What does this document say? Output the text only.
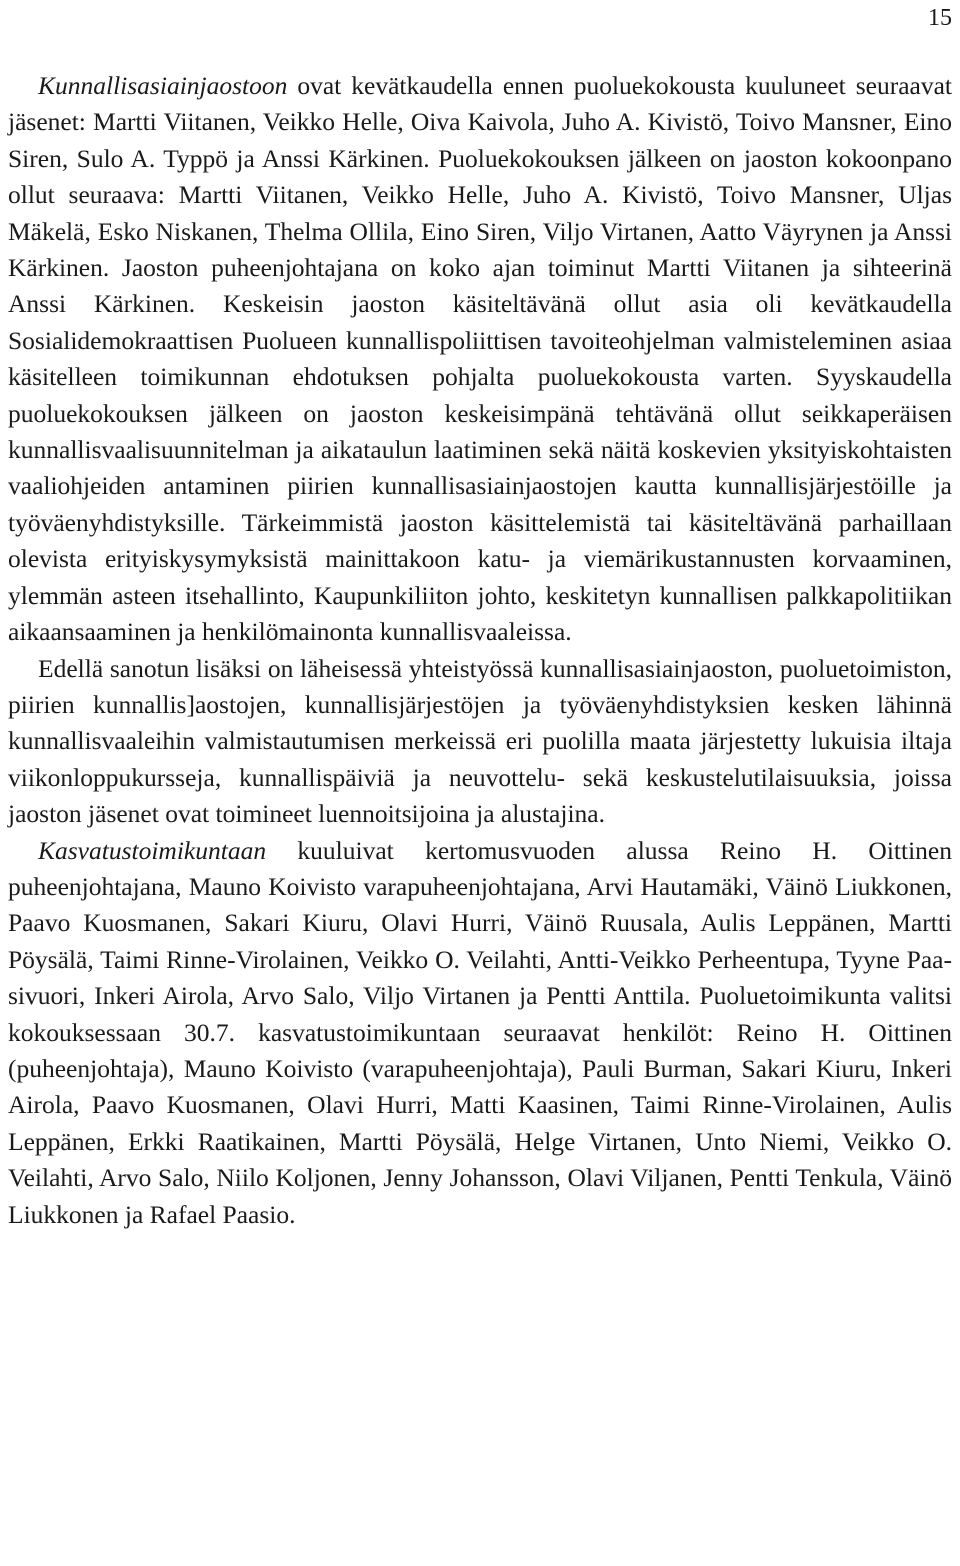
15

Kunnallisasiainjaostoon ovat kevätkaudella ennen puoluekokousta kuuluneet seuraavat jäsenet: Martti Viitanen, Veikko Helle, Oiva Kaivola, Juho A. Kivistö, Toivo Mansner, Eino Siren, Sulo A. Typpö ja Anssi Kärkinen. Puoluekokouksen jälkeen on jaoston kokoonpano ollut seuraava: Martti Viitanen, Veikko Helle, Juho A. Kivistö, Toivo Mansner, Uljas Mäkelä, Esko Niskanen, Thelma Ollila, Eino Siren, Viljo Virtanen, Aatto Väyrynen ja Anssi Kärkinen. Jaoston puheenjohtajana on koko ajan toiminut Martti Viitanen ja sihteerinä Anssi Kärkinen. Keskeisin jaoston käsiteltävänä ollut asia oli kevätkaudella Sosialidemokraattisen Puolueen kunnallispoliittisen tavoiteohjelman valmisteleminen asiaa käsitelleen toimikunnan ehdotuksen pohjalta puoluekokousta varten. Syyskaudella puoluekokouksen jälkeen on jaoston keskeisimpänä tehtävänä ollut seikkaperäisen kunnallisvaalisuunnitelman ja aikataulun laatiminen sekä näitä koskevien yksityiskohtaisten vaaliohjeiden antaminen piirien kunnallisasiainjaostojen kautta kunnallisjärjestöille ja työväenyhdistyksille. Tärkeimmistä jaoston käsittelemistä tai käsiteltävänä parhaillaan olevista erityiskysymyksistä mainittakoon katu- ja viemärikustannusten korvaaminen, ylemmän asteen itsehallinto, Kaupunkiliiton johto, keskitetyn kunnallisen palkkapolitiikan aikaansaaminen ja henkilömainonta kunnallisvaaleissa.

Edellä sanotun lisäksi on läheisessä yhteistyössä kunnallisasiainjaoston, puoluetoimiston, piirien kunnallis]aostojen, kunnallisjärjestöjen ja työväenyhdistyksien kesken lähinnä kunnallisvaaleihin valmistautumisen merkeissä eri puolilla maata järjestetty lukuisia iltaja viikonloppukursseja, kunnallispäiviä ja neuvottelu- sekä keskustelutilaisuuksia, joissa jaoston jäsenet ovat toimineet luennoitsijoina ja alustajina.

Kasvatustoimikuntaan kuuluivat kertomusvuoden alussa Reino H. Oittinen puheenjohtajana, Mauno Koivisto varapuheenjohtajana, Arvi Hautamäki, Väinö Liukkonen, Paavo Kuosmanen, Sakari Kiuru, Olavi Hurri, Väinö Ruusala, Aulis Leppänen, Martti Pöysälä, Taimi Rinne-Virolainen, Veikko O. Veilahti, Antti-Veikko Perheentupa, Tyyne Paasivuori, Inkeri Airola, Arvo Salo, Viljo Virtanen ja Pentti Anttila. Puoluetoimikunta valitsi kokouksessaan 30.7. kasvatustoimikuntaan seuraavat henkilöt: Reino H. Oittinen (puheenjohtaja), Mauno Koivisto (varapuheenjohtaja), Pauli Burman, Sakari Kiuru, Inkeri Airola, Paavo Kuosmanen, Olavi Hurri, Matti Kaasinen, Taimi Rinne-Virolainen, Aulis Leppänen, Erkki Raatikainen, Martti Pöysälä, Helge Virtanen, Unto Niemi, Veikko O. Veilahti, Arvo Salo, Niilo Koljonen, Jenny Johansson, Olavi Viljanen, Pentti Tenkula, Väinö Liukkonen ja Rafael Paasio.
